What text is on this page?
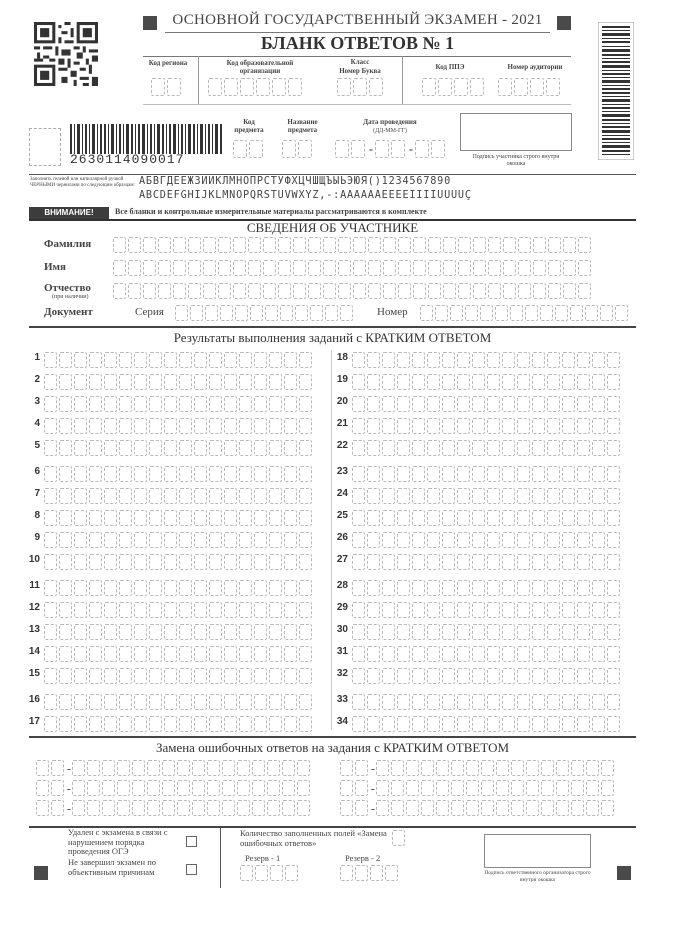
ОСНОВНОЙ ГОСУДАРСТВЕННЫЙ ЭКЗАМЕН - 2021
БЛАНК ОТВЕТОВ № 1
Код региона	Код образовательной организации
Класс
Номер Буква	Код ППЭ	Номер аудитории
2630114090017
Код предмета
Название предмета
Дата проведения
(ДД-ММ-ГГ)
-	-
Подпись участника строго внутри окошка
Заполнять гелевой или капиллярной ручкой ЧЕРНЫМИ чернилами по следующим образцам: АБВГДЕЁЖЗИЙКЛМНОПРСТУФХЦЧШЩЪЫЬЭЮЯ()1234567890
ABCDEFGHIJKLMNOPQRSTUVWXYZ,-:ÀÁÂÃÄÅÈÉÊËÌÍÎÏÜÙÚÛÇ
ВНИМАНИЕ!	Все бланки и контрольные измерительные материалы рассматриваются в комплекте
СВЕДЕНИЯ ОБ УЧАСТНИКЕ
Фамилия
Имя
Отчество
(при наличии)
Документ	Серия	Номер
Результаты выполнения заданий с КРАТКИМ ОТВЕТОМ
1
2
3
4
5
6
7
8
9
10
11
12
13
14
15
16
17
18
19
20
21
22
23
24
25
26
27
28
29
30
31
32
33
34
Замена ошибочных ответов на задания с КРАТКИМ ОТВЕТОМ
-	-
-	-
-	-
Удален с экзамена в связи с нарушением порядка проведения ОГЭ
Не завершил экзамен по объективным причинам
Количество заполненных полей «Замена ошибочных ответов»
Резерв - 1	Резерв - 2
Подпись ответственного организатора строго внутри окошка
